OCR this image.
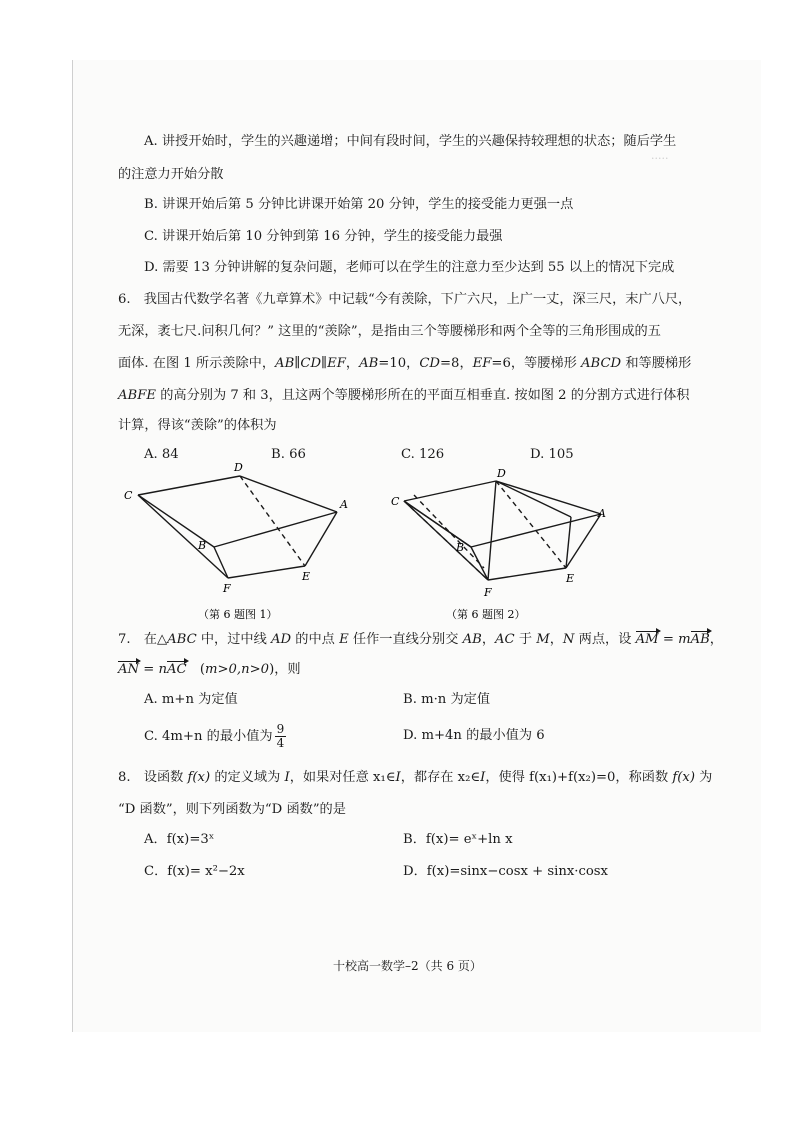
　·····
A. 讲授开始时，学生的兴趣递增；中间有段时间，学生的兴趣保持较理想的状态；随后学生
的注意力开始分散
B. 讲课开始后第 5 分钟比讲课开始第 20 分钟，学生的接受能力更强一点
C. 讲课开始后第 10 分钟到第 16 分钟，学生的接受能力最强
D. 需要 13 分钟讲解的复杂问题，老师可以在学生的注意力至少达到 55 以上的情况下完成
6.　我国古代数学名著《九章算术》中记载“今有羡除，下广六尺，上广一丈，深三尺，末广八尺，
无深，袤七尺.问积几何？” 这里的“羡除”，是指由三个等腰梯形和两个全等的三角形围成的五
面体. 在图 1 所示羡除中，AB∥CD∥EF，AB=10，CD=8，EF=6，等腰梯形 ABCD 和等腰梯形
ABFE 的高分别为 7 和 3，且这两个等腰梯形所在的平面互相垂直. 按如图 2 的分割方式进行体积
计算，得该“羡除”的体积为
A. 84	B. 66	C. 126	D. 105
C
D
A
B
F
E
（第 6 题图 1）
C
D
A
B
F
E
（第 6 题图 2）
7.　在△ABC 中，过中线 AD 的中点 E 任作一直线分别交 AB，AC 于 M，N 两点，设 AM = mAB，
AN = nAC　(m>0,n>0)，则
A. m+n 为定值	B. m·n 为定值
C. 4m+n 的最小值为 $\frac{9}{4}$	D. m+4n 的最小值为 6
8.　设函数 f(x) 的定义域为 I，如果对任意 x₁∈I，都存在 x₂∈I，使得 f(x₁)+f(x₂)=0，称函数 f(x) 为
“D 函数”，则下列函数为“D 函数”的是
A．f(x)=3ˣ	B．f(x)= eˣ+ln x
C．f(x)= x²−2x	D．f(x)=sinx−cosx + sinx·cosx
十校高一数学–2（共 6 页）
